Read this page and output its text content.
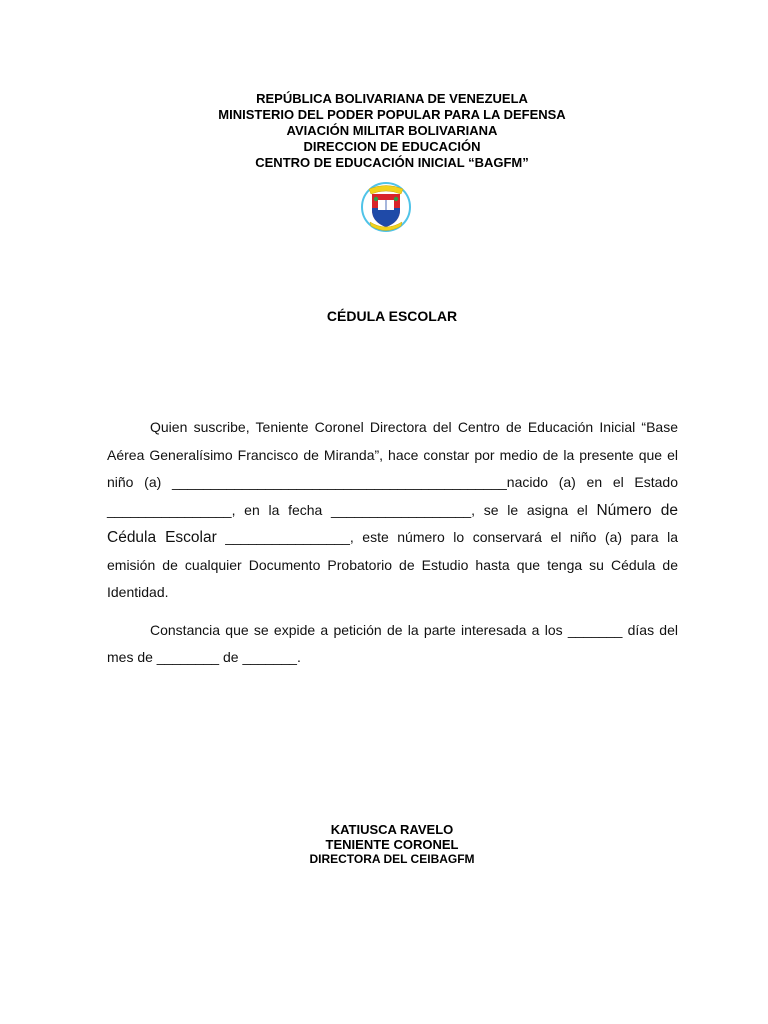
REPÚBLICA BOLIVARIANA DE VENEZUELA
MINISTERIO DEL PODER POPULAR PARA LA DEFENSA
AVIACIÓN MILITAR BOLIVARIANA
DIRECCION DE EDUCACIÓN
CENTRO DE EDUCACIÓN INICIAL “BAGFM”
CÉDULA ESCOLAR

Quien suscribe, Teniente Coronel Directora del Centro de Educación Inicial “Base Aérea Generalísimo Francisco de Miranda”, hace constar por medio de la presente que el niño (a) ___________________________________________nacido (a) en el Estado ________________, en la fecha __________________, se le asigna el Número de Cédula Escolar ________________, este número lo conservará el niño (a) para la emisión de cualquier Documento Probatorio de Estudio hasta que tenga su Cédula de Identidad.

Constancia que se expide a petición de la parte interesada a los _______ días del mes de ________ de _______.

KATIUSCA RAVELO
TENIENTE CORONEL
DIRECTORA DEL CEIBAGFM
